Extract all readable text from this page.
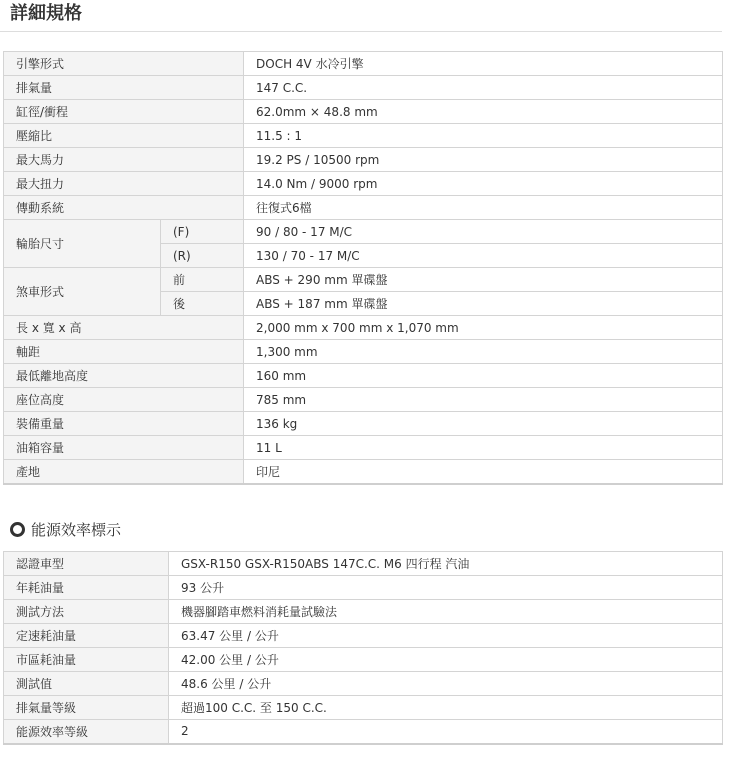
詳細規格
引擎形式		DOCH 4V 水冷引擎
排氣量		147 C.C.
缸徑/衝程		62.0mm × 48.8 mm
壓縮比		11.5 : 1
最大馬力		19.2 PS / 10500 rpm
最大扭力		14.0 Nm / 9000 rpm
傳動系統		往復式6檔
輪胎尺寸	(F)	90 / 80 - 17 M/C
	(R)	130 / 70 - 17 M/C
煞車形式	前	ABS + 290 mm 單碟盤
	後	ABS + 187 mm 單碟盤
長 x 寬 x 高		2,000 mm x 700 mm x 1,070 mm
軸距		1,300 mm
最低離地高度		160 mm
座位高度		785 mm
裝備重量		136 kg
油箱容量		11 L
產地		印尼
能源效率標示
認證車型	GSX-R150 GSX-R150ABS 147C.C. M6 四行程 汽油
年耗油量	93 公升
測試方法	機器腳踏車燃料消耗量試驗法
定速耗油量	63.47 公里 / 公升
市區耗油量	42.00 公里 / 公升
測試值	48.6 公里 / 公升
排氣量等級	超過100 C.C. 至 150 C.C.
能源效率等級	2
